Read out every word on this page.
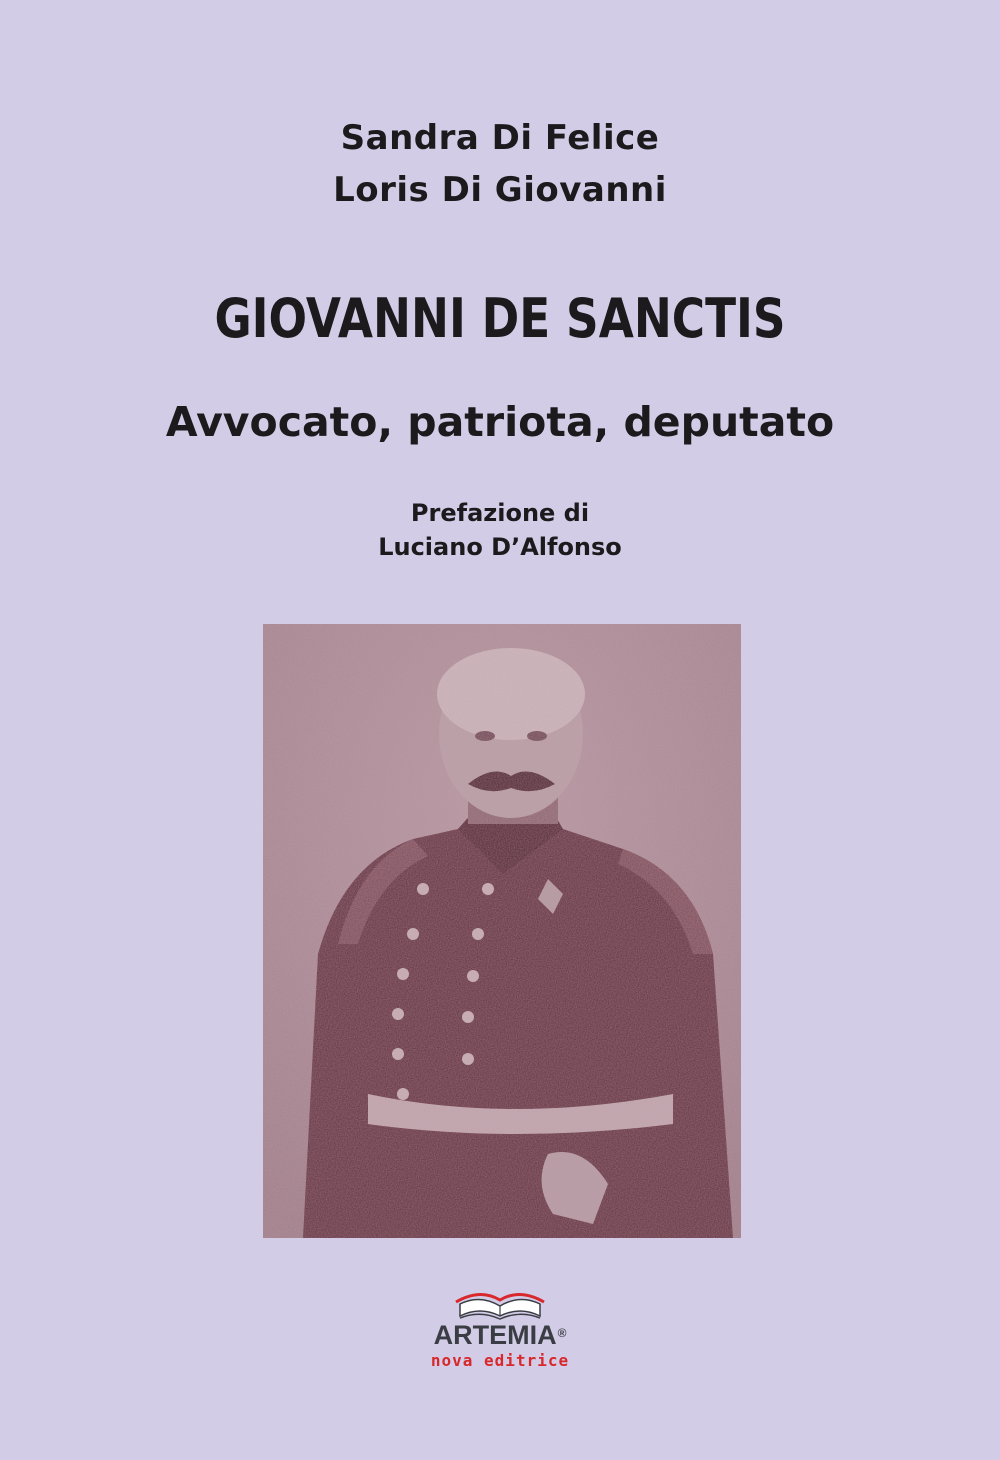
Sandra Di Felice
Loris Di Giovanni
GIOVANNI DE SANCTIS
Avvocato, patriota, deputato
Prefazione di
Luciano D’Alfonso
ARTEMIA®
nova editrice
